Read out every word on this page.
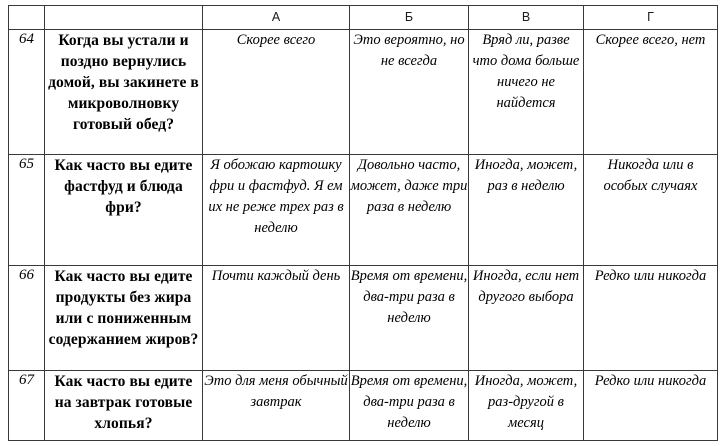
		А	Б	В	Г
64	Когда вы устали и поздно вернулись домой, вы закинете в микроволновку готовый обед?	Скорее всего	Это вероятно, но не всегда	Вряд ли, разве что дома больше ничего не найдется	Скорее всего, нет
65	Как часто вы едите фастфуд и блюда фри?	Я обожаю картошку фри и фастфуд. Я ем их не реже трех раз в неделю	Довольно часто, может, даже три раза в неделю	Иногда, может, раз в неделю	Никогда или в особых случаях
66	Как часто вы едите продукты без жира или с пониженным содержанием жиров?	Почти каждый день	Время от времени, два-три раза в неделю	Иногда, если нет другого выбора	Редко или никогда
67	Как часто вы едите на завтрак готовые хлопья?	Это для меня обычный завтрак	Время от времени, два-три раза в неделю	Иногда, может, раз-другой в месяц	Редко или никогда
